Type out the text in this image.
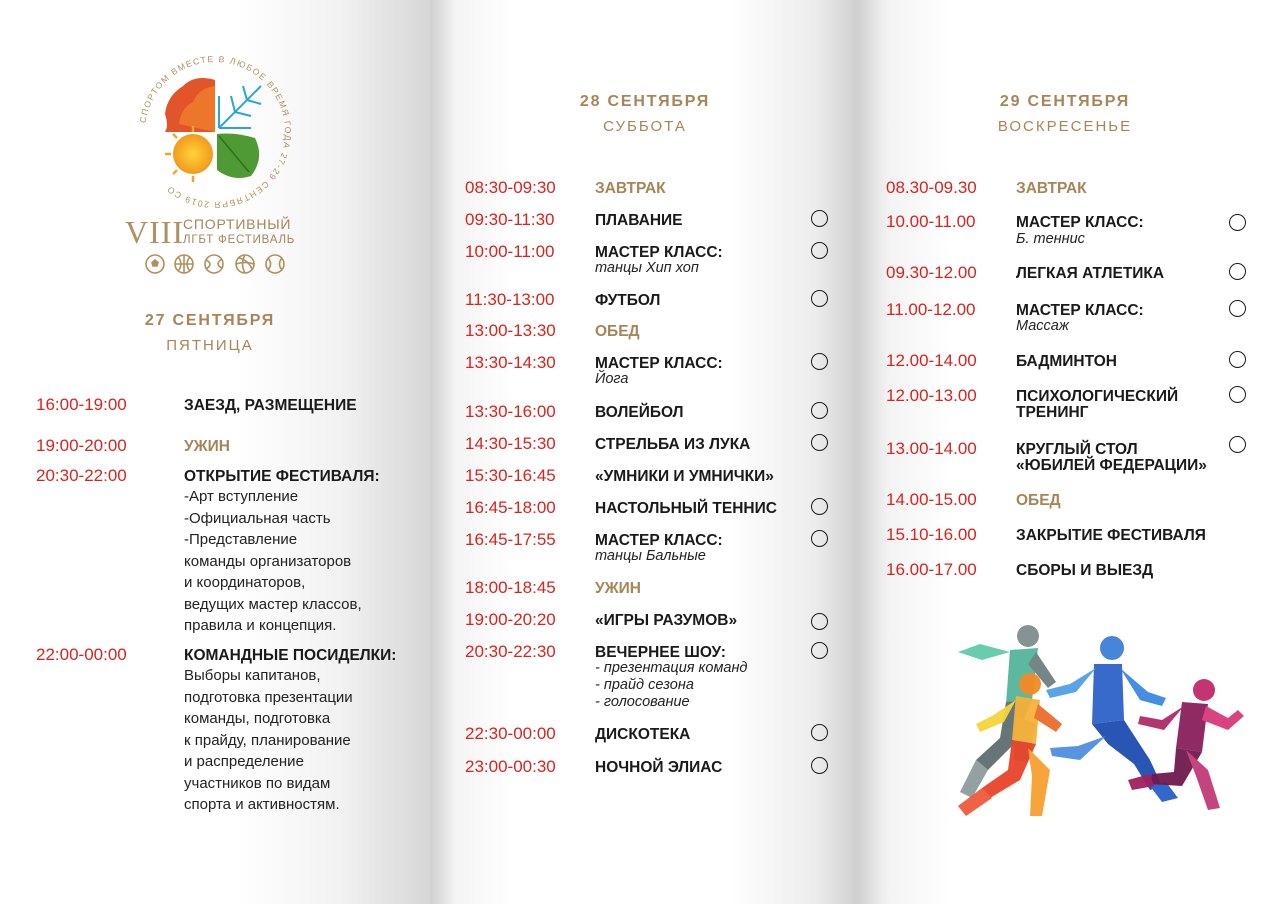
СПОРТОМ ВМЕСТЕ В ЛЮБОЕ ВРЕМЯ ГОДА 27-29 СЕНТЯБРЯ 2019 СО
VIII
СПОРТИВНЫЙ
ЛГБТ ФЕСТИВАЛЬ
27 СЕНТЯБРЯ
ПЯТНИЦА
16:00-19:00	ЗАЕЗД, РАЗМЕЩЕНИЕ
19:00-20:00	УЖИН
20:30-22:00	ОТКРЫТИЕ ФЕСТИВАЛЯ:
-Арт вступление
-Официальная часть
-Представление
команды организаторов
и координаторов,
ведущих мастер классов,
правила и концепция.
22:00-00:00	КОМАНДНЫЕ ПОСИДЕЛКИ:
Выборы капитанов,
подготовка презентации
команды, подготовка
к прайду, планирование
и распределение
участников по видам
спорта и активностям.
28 СЕНТЯБРЯ
СУББОТА
08:30-09:30	ЗАВТРАК
09:30-11:30	ПЛАВАНИЕ
10:00-11:00	МАСТЕР КЛАСС:
танцы Хип хоп
11:30-13:00	ФУТБОЛ
13:00-13:30	ОБЕД
13:30-14:30	МАСТЕР КЛАСС:
Йога
13:30-16:00	ВОЛЕЙБОЛ
14:30-15:30	СТРЕЛЬБА ИЗ ЛУКА
15:30-16:45	«УМНИКИ И УМНИЧКИ»
16:45-18:00	НАСТОЛЬНЫЙ ТЕННИС
16:45-17:55	МАСТЕР КЛАСС:
танцы Бальные
18:00-18:45	УЖИН
19:00-20:20	«ИГРЫ РАЗУМОВ»
20:30-22:30	ВЕЧЕРНЕЕ ШОУ:
- презентация команд
- прайд сезона
- голосование
22:30-00:00	ДИСКОТЕКА
23:00-00:30	НОЧНОЙ ЭЛИАС
29 СЕНТЯБРЯ
ВОСКРЕСЕНЬЕ
08.30-09.30	ЗАВТРАК
10.00-11.00	МАСТЕР КЛАСС:
Б. теннис
09.30-12.00	ЛЕГКАЯ АТЛЕТИКА
11.00-12.00	МАСТЕР КЛАСС:
Массаж
12.00-14.00	БАДМИНТОН
12.00-13.00	ПСИХОЛОГИЧЕСКИЙ
ТРЕНИНГ
13.00-14.00	КРУГЛЫЙ СТОЛ
«ЮБИЛЕЙ ФЕДЕРАЦИИ»
14.00-15.00	ОБЕД
15.10-16.00	ЗАКРЫТИЕ ФЕСТИВАЛЯ
16.00-17.00	СБОРЫ И ВЫЕЗД
